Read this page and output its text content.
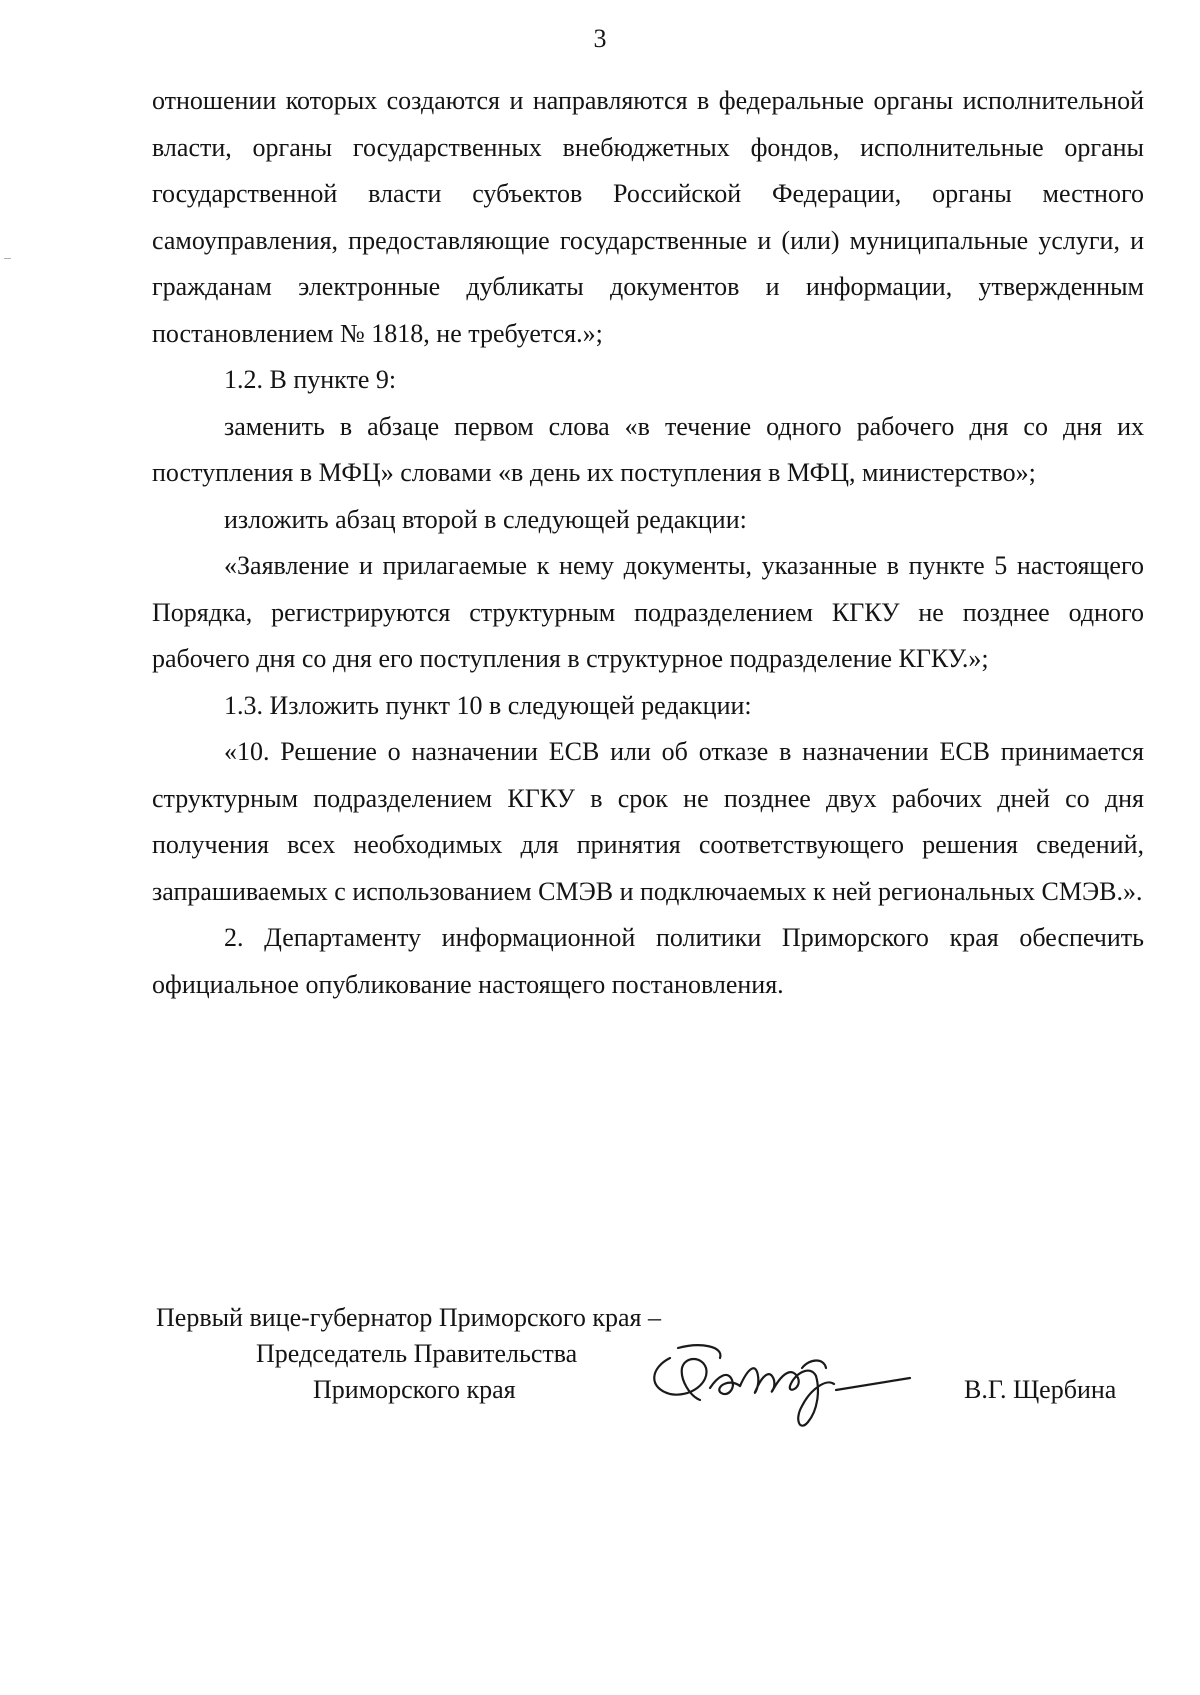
3

отношении которых создаются и направляются в федеральные органы исполнительной власти, органы государственных внебюджетных фондов, исполнительные органы государственной власти субъектов Российской Федерации, органы местного самоуправления, предоставляющие государственные и (или) муниципальные услуги, и гражданам электронные дубликаты документов и информации, утвержденным постановлением № 1818, не требуется.»;

1.2. В пункте 9:

заменить в абзаце первом слова «в течение одного рабочего дня со дня их поступления в МФЦ» словами «в день их поступления в МФЦ, министерство»;

изложить абзац второй в следующей редакции:

«Заявление и прилагаемые к нему документы, указанные в пункте 5 настоящего Порядка, регистрируются структурным подразделением КГКУ не позднее одного рабочего дня со дня его поступления в структурное подразделение КГКУ.»;

1.3. Изложить пункт 10 в следующей редакции:

«10. Решение о назначении ЕСВ или об отказе в назначении ЕСВ принимается структурным подразделением КГКУ в срок не позднее двух рабочих дней со дня получения всех необходимых для принятия соответствующего решения сведений, запрашиваемых с использованием СМЭВ и подключаемых к ней региональных СМЭВ.».

2. Департаменту информационной политики Приморского края обеспечить официальное опубликование настоящего постановления.

Первый вице-губернатор Приморского края –
Председатель Правительства
Приморского края	В.Г. Щербина
